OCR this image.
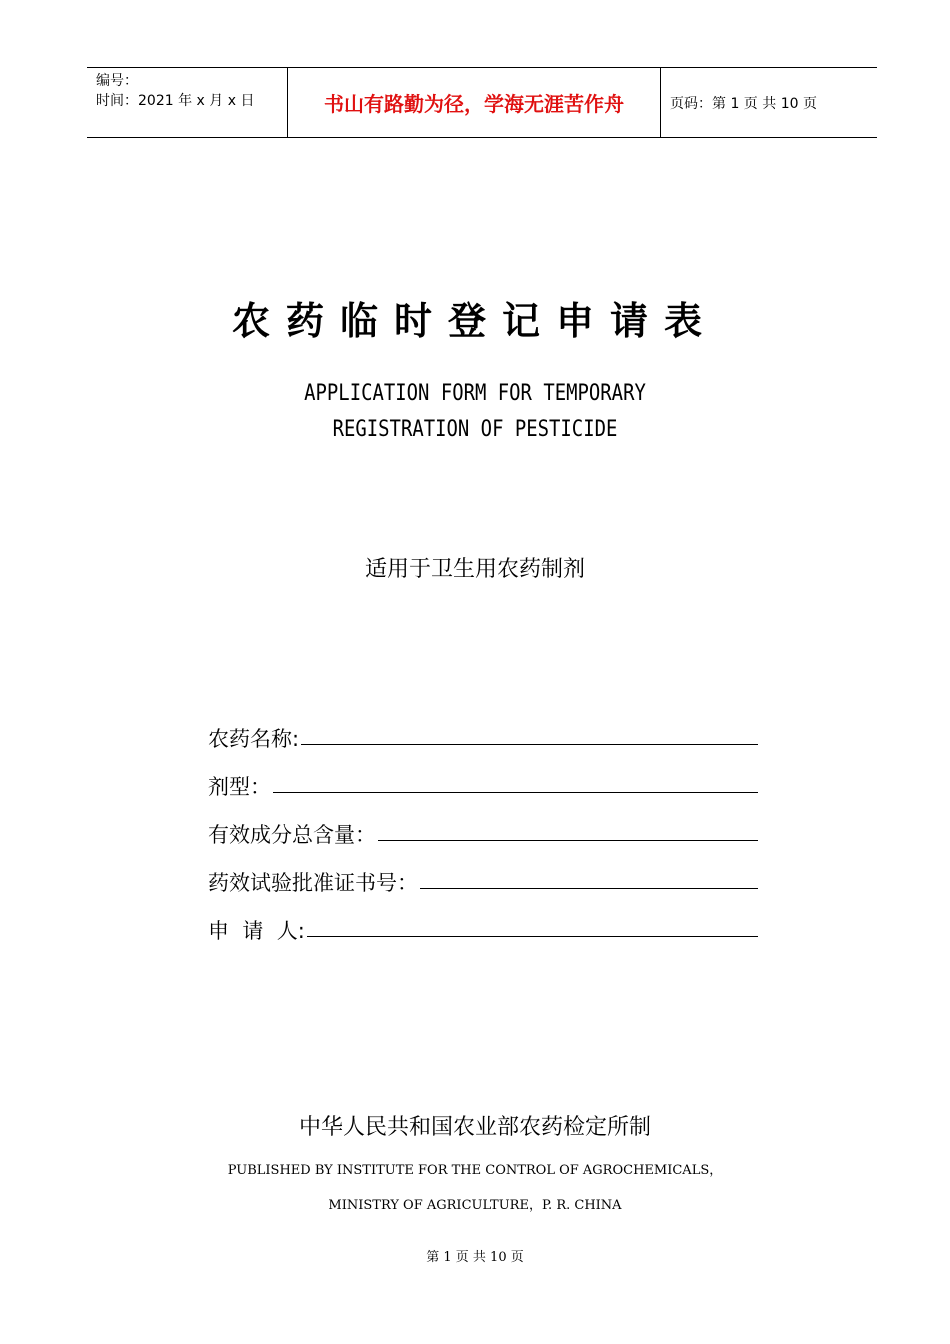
编号：
时间：2021 年 x 月 x 日	书山有路勤为径，学海无涯苦作舟	页码：第 1 页 共 10 页
农药临时登记申请表
APPLICATION FORM FOR TEMPORARY
REGISTRATION OF PESTICIDE
适用于卫生用农药制剂
农药名称:
剂型：
有效成分总含量：
药效试验批准证书号：
申  请  人:
中华人民共和国农业部农药检定所制
PUBLISHED BY INSTITUTE FOR THE CONTROL OF AGROCHEMICALS，
MINISTRY OF AGRICULTURE，P. R. CHINA
第 1 页 共 10 页
